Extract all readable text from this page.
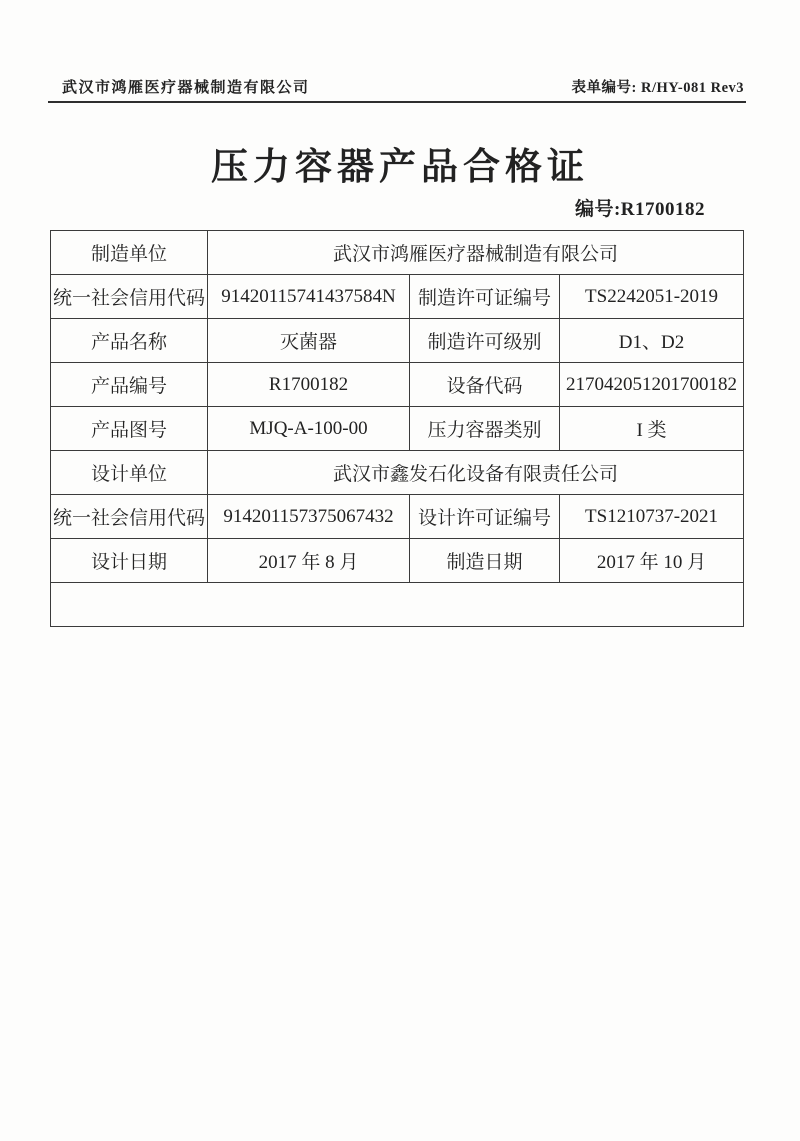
武汉市鸿雁医疗器械制造有限公司	表单编号: R/HY-081 Rev3
压力容器产品合格证
编号:R1700182
制造单位	武汉市鸿雁医疗器械制造有限公司		
统一社会信用代码	91420115741437584N	制造许可证编号	TS2242051-2019
产品名称	灭菌器	制造许可级别	D1、D2
产品编号	R1700182	设备代码	217042051201700182
产品图号	MJQ-A-100-00	压力容器类别	I 类
设计单位	武汉市鑫发石化设备有限责任公司		
统一社会信用代码	914201157375067432	设计许可证编号	TS1210737-2021
设计日期	2017 年 8 月	制造日期	2017 年 10 月

武汉市鸿雁医疗器械制造有限公司
质检专用章
